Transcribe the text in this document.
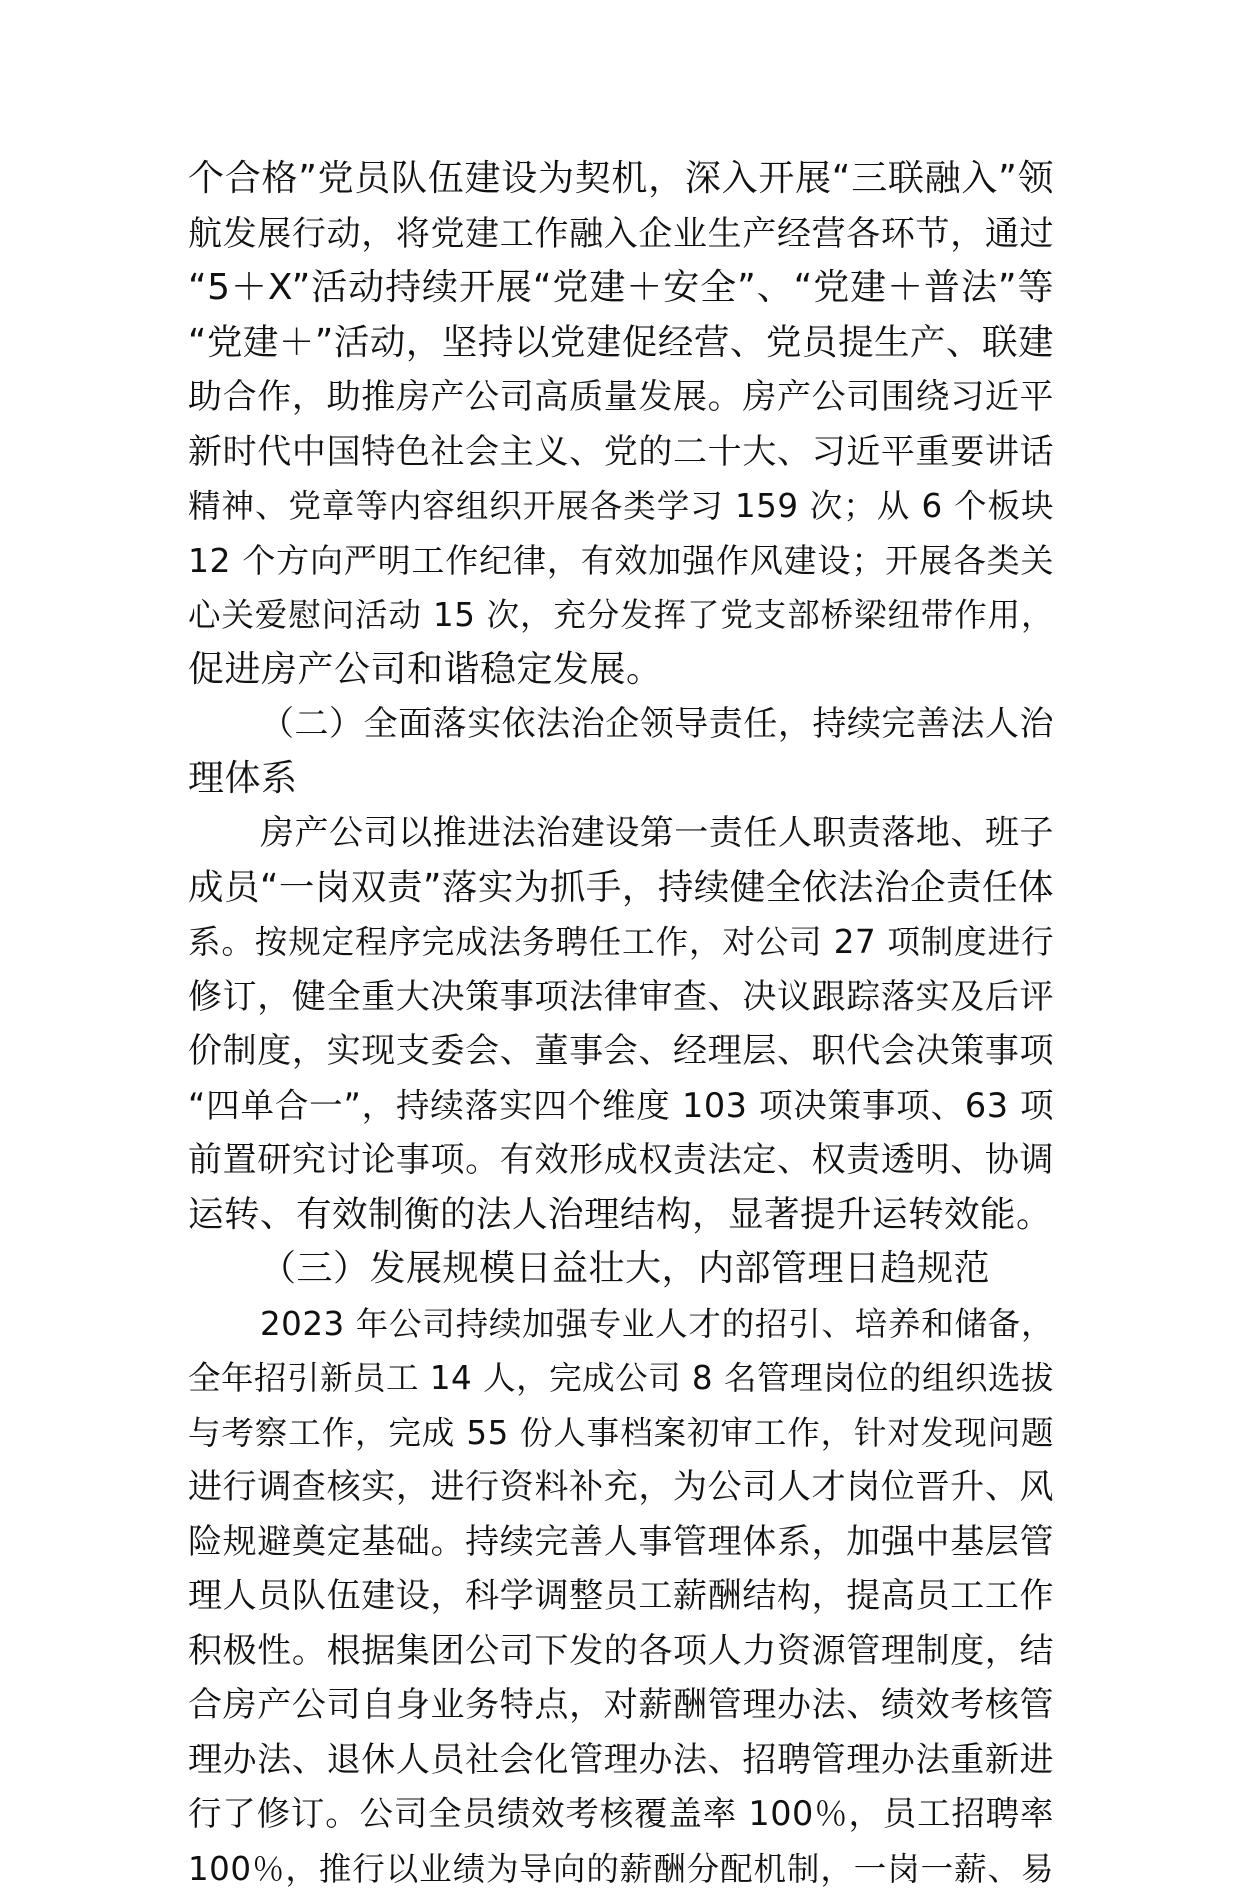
个合格”党员队伍建设为契机，深入开展“三联融入”领
航发展行动，将党建工作融入企业生产经营各环节，通过
“5＋X”活动持续开展“党建＋安全”、“党建＋普法”等
“党建＋”活动，坚持以党建促经营、党员提生产、联建
助合作，助推房产公司高质量发展。房产公司围绕习近平
新时代中国特色社会主义、党的二十大、习近平重要讲话
精神、党章等内容组织开展各类学习 159 次；从 6 个板块
12 个方向严明工作纪律，有效加强作风建设；开展各类关
心关爱慰问活动 15 次，充分发挥了党支部桥梁纽带作用，
促进房产公司和谐稳定发展。
（二）全面落实依法治企领导责任，持续完善法人治
理体系
房产公司以推进法治建设第一责任人职责落地、班子
成员“一岗双责”落实为抓手，持续健全依法治企责任体
系。按规定程序完成法务聘任工作，对公司 27 项制度进行
修订，健全重大决策事项法律审查、决议跟踪落实及后评
价制度，实现支委会、董事会、经理层、职代会决策事项
“四单合一”，持续落实四个维度 103 项决策事项、63 项
前置研究讨论事项。有效形成权责法定、权责透明、协调
运转、有效制衡的法人治理结构，显著提升运转效能。
（三）发展规模日益壮大，内部管理日趋规范
2023 年公司持续加强专业人才的招引、培养和储备，
全年招引新员工 14 人，完成公司 8 名管理岗位的组织选拔
与考察工作，完成 55 份人事档案初审工作，针对发现问题
进行调查核实，进行资料补充，为公司人才岗位晋升、风
险规避奠定基础。持续完善人事管理体系，加强中基层管
理人员队伍建设，科学调整员工薪酬结构，提高员工工作
积极性。根据集团公司下发的各项人力资源管理制度，结
合房产公司自身业务特点，对薪酬管理办法、绩效考核管
理办法、退休人员社会化管理办法、招聘管理办法重新进
行了修订。公司全员绩效考核覆盖率 100％，员工招聘率
100％，推行以业绩为导向的薪酬分配机制，一岗一薪、易
